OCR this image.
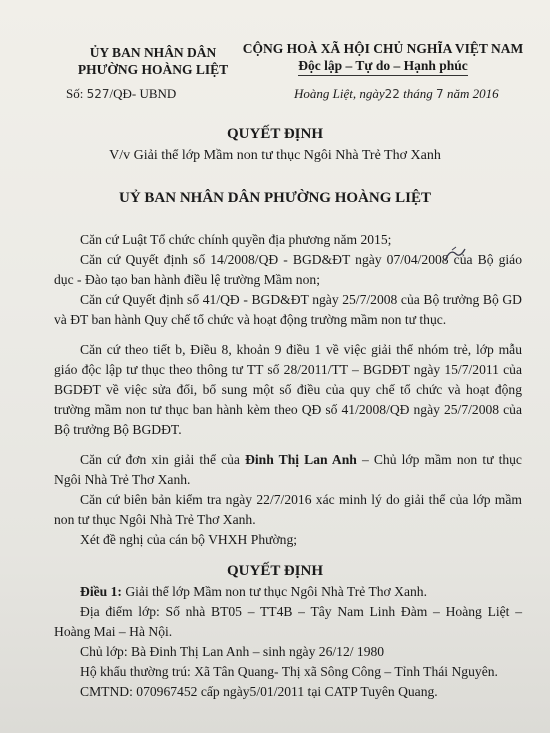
ỦY BAN NHÂN DÂN
PHƯỜNG HOÀNG LIỆT
CỘNG HOÀ XÃ HỘI CHỦ NGHĨA VIỆT NAM
Độc lập – Tự do – Hạnh phúc
Số: 527/QĐ- UBND	Hoàng Liệt, ngày22 tháng 7 năm 2016
QUYẾT ĐỊNH
V/v Giải thể lớp Mầm non tư thục Ngôi Nhà Trẻ Thơ Xanh
UỶ BAN NHÂN DÂN PHƯỜNG HOÀNG LIỆT

Căn cứ Luật Tổ chức chính quyền địa phương năm 2015;

Căn cứ Quyết định số 14/2008/QĐ - BGD&ĐT ngày 07/04/2008 của Bộ giáo dục - Đào tạo ban hành điều lệ trường Mầm non;

Căn cứ Quyết định số 41/QĐ - BGD&ĐT ngày 25/7/2008 của Bộ trưởng Bộ GD và ĐT ban hành Quy chế tổ chức và hoạt động trường mầm non tư thục.

Căn cứ theo tiết b, Điều 8, khoản 9 điều 1 về việc giải thể nhóm trẻ, lớp mẫu giáo độc lập tư thục theo thông tư TT số 28/2011/TT – BGDĐT ngày 15/7/2011 của BGDĐT về việc sửa đổi, bổ sung một số điều của quy chế tổ chức và hoạt động trường mầm non tư thục ban hành kèm theo QĐ số 41/2008/QĐ ngày 25/7/2008 của Bộ trưởng Bộ BGDĐT.

Căn cứ đơn xin giải thể của Đinh Thị Lan Anh – Chủ lớp mầm non tư thục Ngôi Nhà Trẻ Thơ Xanh.

Căn cứ biên bản kiểm tra ngày 22/7/2016 xác minh lý do giải thể của lớp mầm non tư thục Ngôi Nhà Trẻ Thơ Xanh.

Xét đề nghị của cán bộ VHXH Phường;

QUYẾT ĐỊNH

Điều 1: Giải thể lớp Mầm non tư thục Ngôi Nhà Trẻ Thơ Xanh.

Địa điểm lớp: Số nhà BT05 – TT4B – Tây Nam Linh Đàm – Hoàng Liệt – Hoàng Mai – Hà Nội.

Chủ lớp: Bà Đinh Thị Lan Anh – sinh ngày 26/12/ 1980

Hộ khẩu thường trú: Xã Tân Quang- Thị xã Sông Công – Tỉnh Thái Nguyên.

CMTND: 070967452 cấp ngày5/01/2011 tại CATP Tuyên Quang.
